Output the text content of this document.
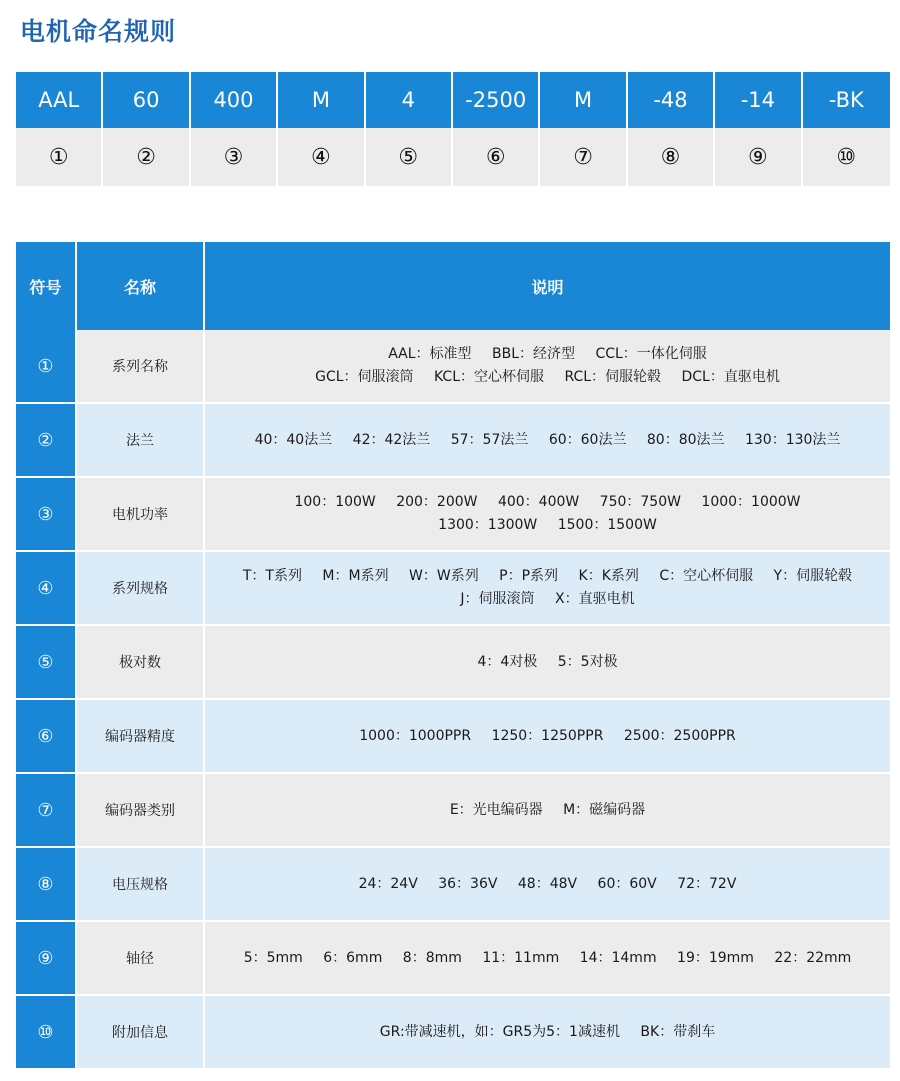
电机命名规则
AAL	60	400	M	4	-2500	M	-48	-14	-BK
①	②	③	④	⑤	⑥	⑦	⑧	⑨	⑩
符号	名称	说明
①	系列名称	AAL：标准型 BBL：经济型 CCL：一体化伺服
GCL：伺服滚筒 KCL：空心杯伺服 RCL：伺服轮毂 DCL：直驱电机

②	法兰	40：40法兰 42：42法兰 57：57法兰 60：60法兰 80：80法兰 130：130法兰

③	电机功率	100：100W 200：200W 400：400W 750：750W 1000：1000W
1300：1300W 1500：1500W

④	系列规格	T：T系列 M：M系列 W：W系列 P：P系列 K：K系列 C：空心杯伺服 Y：伺服轮毂
J：伺服滚筒 X：直驱电机

⑤	极对数	4：4对极 5：5对极

⑥	编码器精度	1000：1000PPR 1250：1250PPR 2500：2500PPR

⑦	编码器类别	E：光电编码器 M：磁编码器

⑧	电压规格	24：24V 36：36V 48：48V 60：60V 72：72V

⑨	轴径	5：5mm 6：6mm 8：8mm 11：11mm 14：14mm 19：19mm 22：22mm

⑩	附加信息	GR:带减速机，如：GR5为5：1减速机 BK：带刹车
